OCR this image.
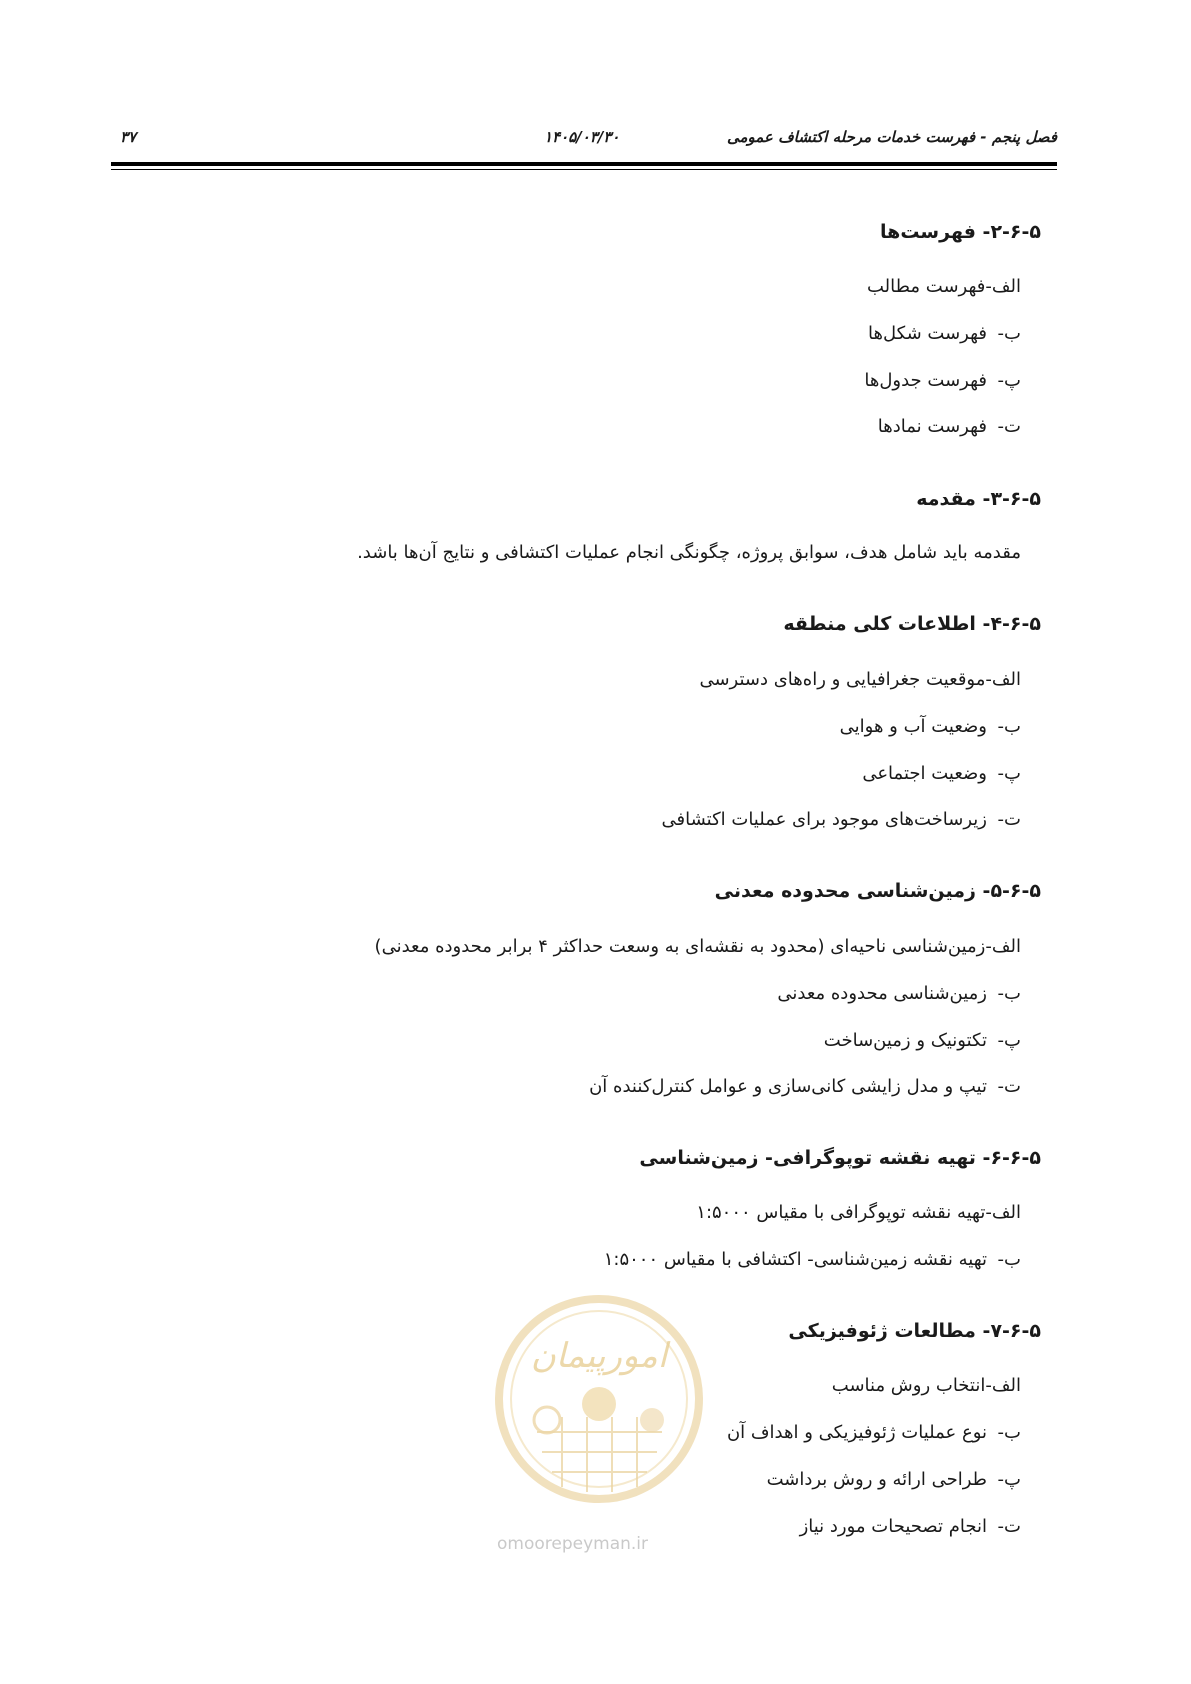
فصل پنجم - فهرست خدمات مرحله اکتشاف عمومی
۱۴۰۵/۰۳/۳۰
۳۷
۲-۶-۵- فهرست‌ها
الف-فهرست مطالب
ب-فهرست شکل‌ها
پ-فهرست جدول‌ها
ت-فهرست نمادها
۳-۶-۵- مقدمه
مقدمه باید شامل هدف، سوابق پروژه، چگونگی انجام عملیات اکتشافی و نتایج آن‌ها باشد.
۴-۶-۵- اطلاعات کلی منطقه
الف-موقعیت جغرافیایی و راه‌های دسترسی
ب-وضعیت آب و هوایی
پ-وضعیت اجتماعی
ت-زیرساخت‌های موجود برای عملیات اکتشافی
۵-۶-۵- زمین‌شناسی محدوده معدنی
الف-زمین‌شناسی ناحیه‌ای (محدود به نقشه‌ای به وسعت حداکثر ۴ برابر محدوده معدنی)
ب-زمین‌شناسی محدوده معدنی
پ-تکتونیک و زمین‌ساخت
ت-تیپ و مدل زایشی کانی‌سازی و عوامل کنترل‌کننده آن
۶-۶-۵- تهیه نقشه توپوگرافی- زمین‌شناسی
الف-تهیه نقشه توپوگرافی با مقیاس ۱:۵۰۰۰
ب-تهیه نقشه زمین‌شناسی- اکتشافی با مقیاس ۱:۵۰۰۰
۷-۶-۵- مطالعات ژئوفیزیکی
الف-انتخاب روش مناسب
ب-نوع عملیات ژئوفیزیکی و اهداف آن
پ-طراحی ارائه و روش برداشت
ت-انجام تصحیحات مورد نیاز
امورپیمان
omoorepeyman.ir
